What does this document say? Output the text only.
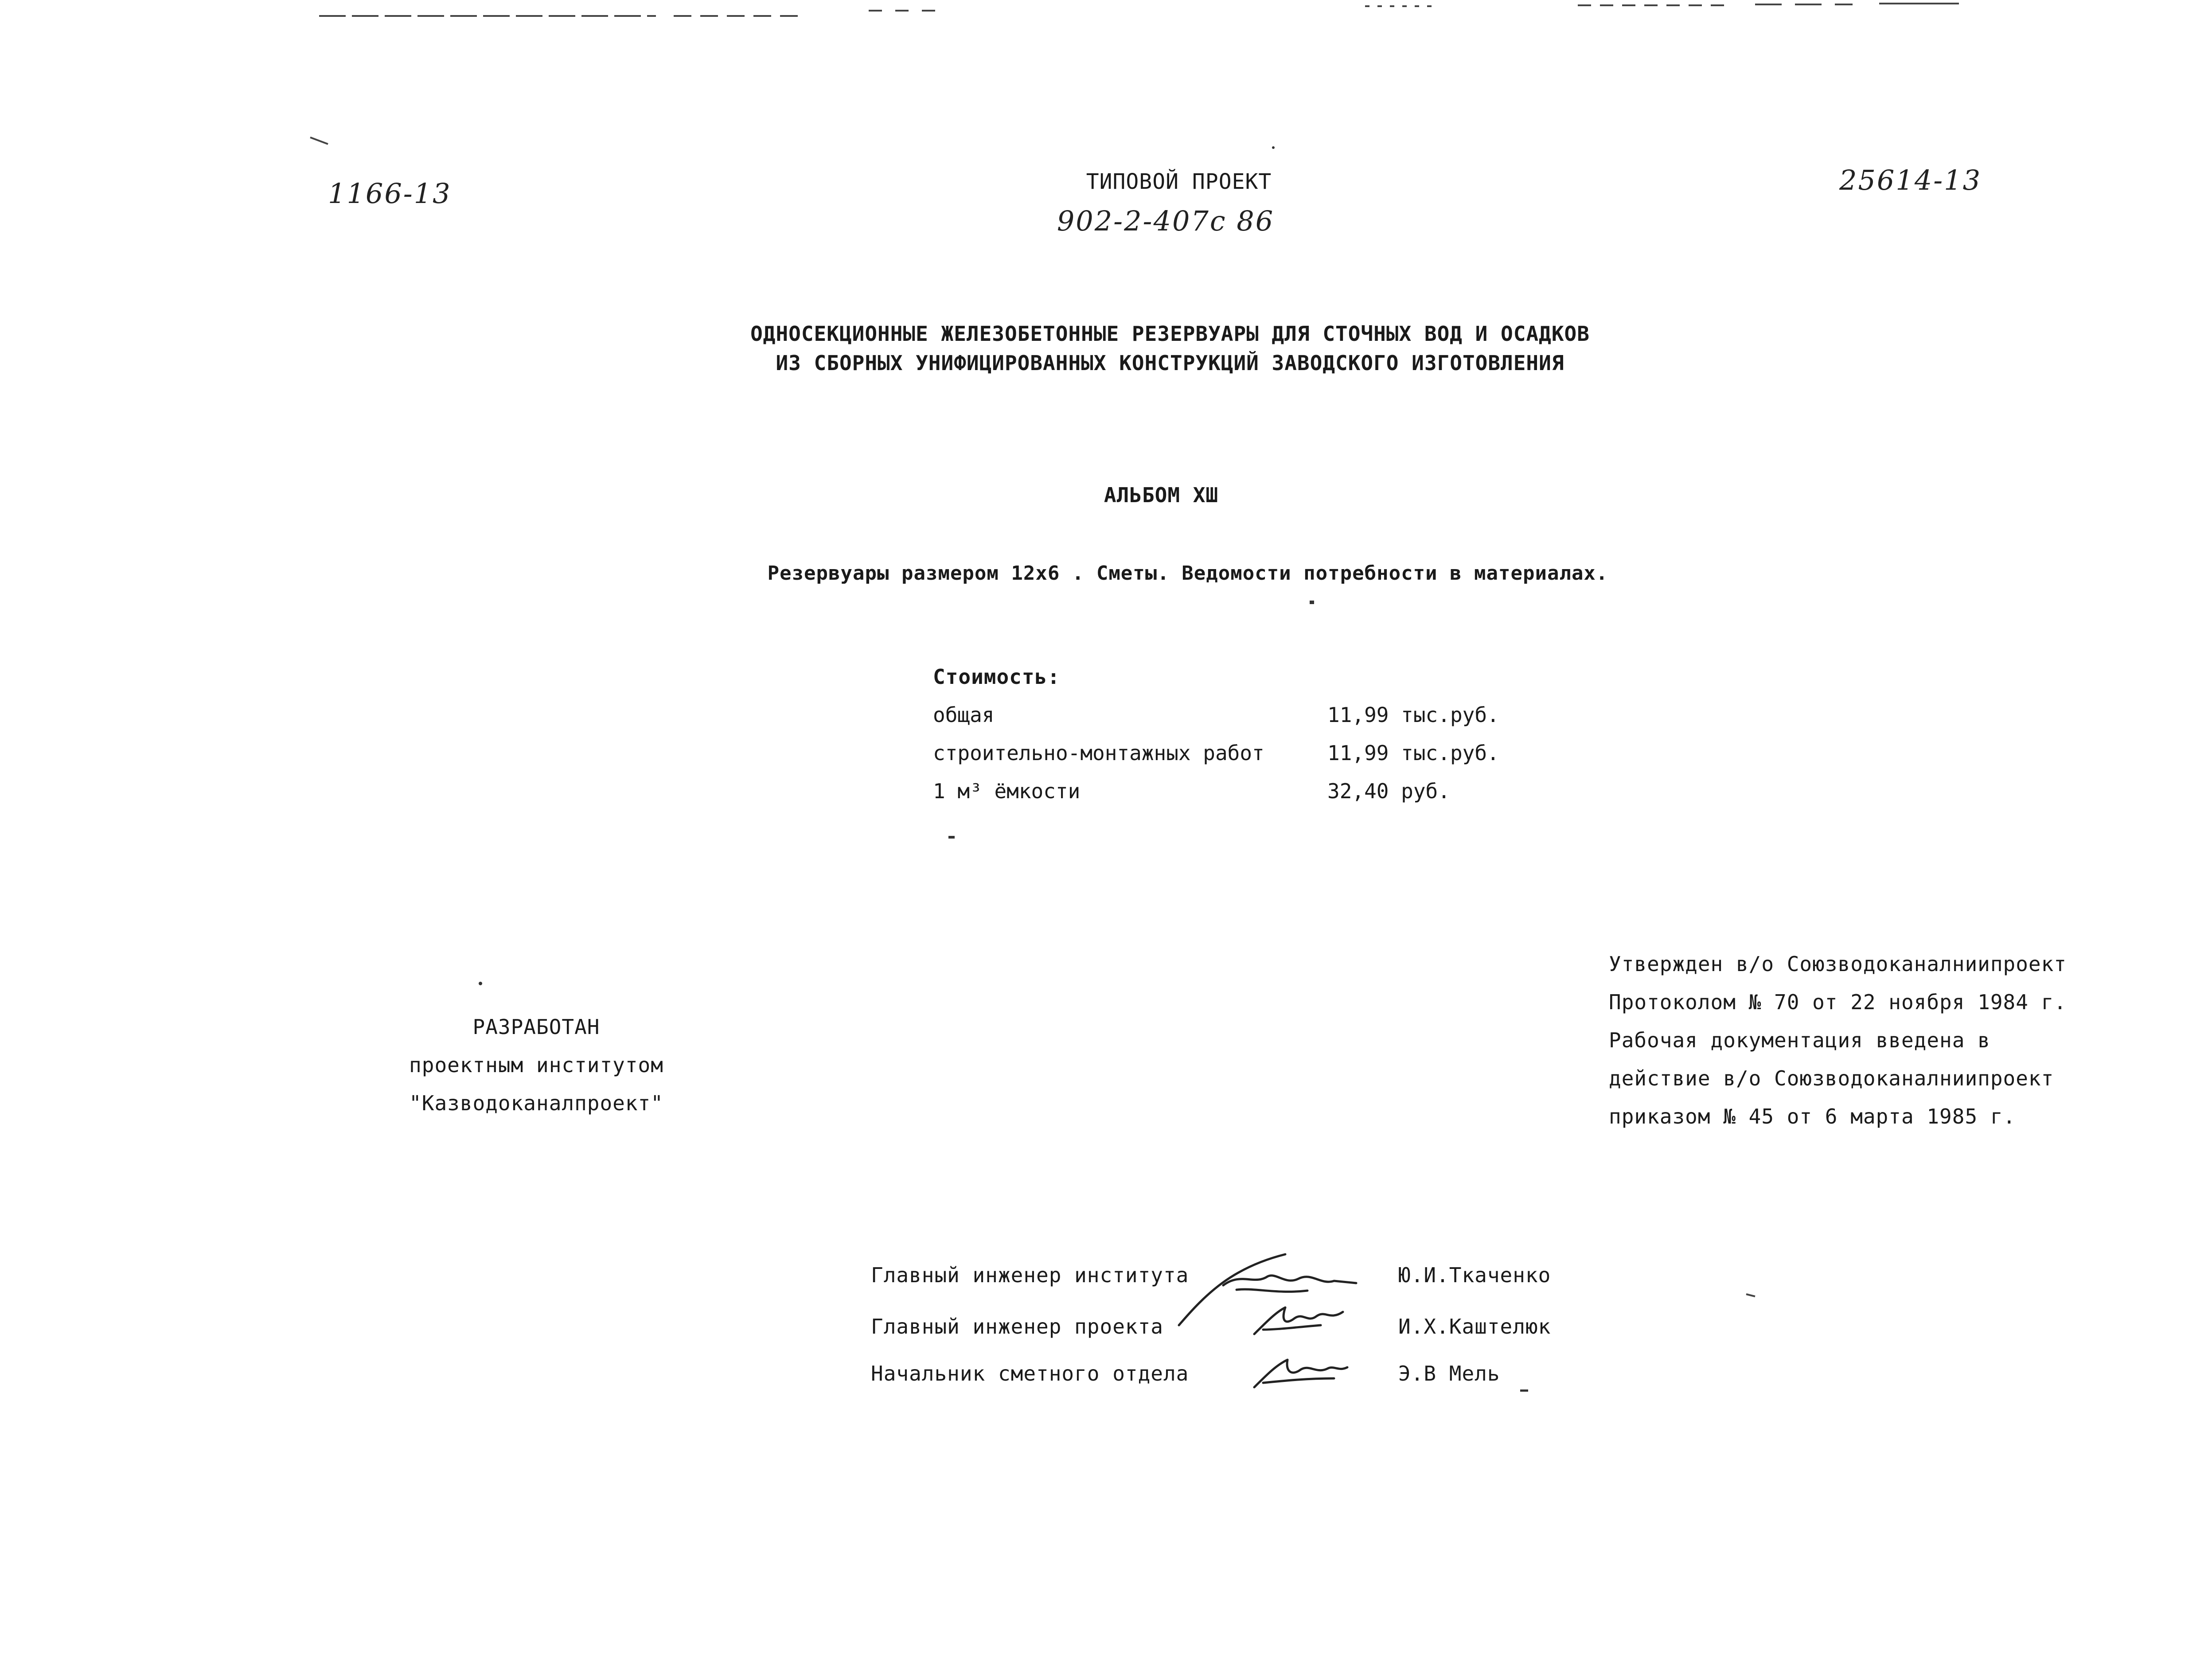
1166-13	25614-13
ТИПОВОЙ ПРОЕКТ
902-2-407с 86
ОДНОСЕКЦИОННЫЕ ЖЕЛЕЗОБЕТОННЫЕ РЕЗЕРВУАРЫ ДЛЯ СТОЧНЫХ ВОД И ОСАДКОВ
ИЗ СБОРНЫХ УНИФИЦИРОВАННЫХ КОНСТРУКЦИЙ ЗАВОДСКОГО ИЗГОТОВЛЕНИЯ
АЛЬБОМ ХШ
Резервуары размером 12х6 . Сметы. Ведомости потребности в материалах.
Стоимость:
общая	11,99 тыс.руб.
строительно-монтажных работ	11,99 тыс.руб.
1 м³ ёмкости	32,40 руб.
РАЗРАБОТАН
проектным институтом
"Казводоканалпроект"
Утвержден в/о Союзводоканалниипроект
Протоколом № 70 от 22 ноября 1984 г.
Рабочая документация введена в
действие в/о Союзводоканалниипроект
приказом № 45 от 6 марта 1985 г.
Главный инженер института	Ю.И.Ткаченко
Главный инженер проекта	И.Х.Каштелюк
Начальник сметного отдела	Э.В Мель
